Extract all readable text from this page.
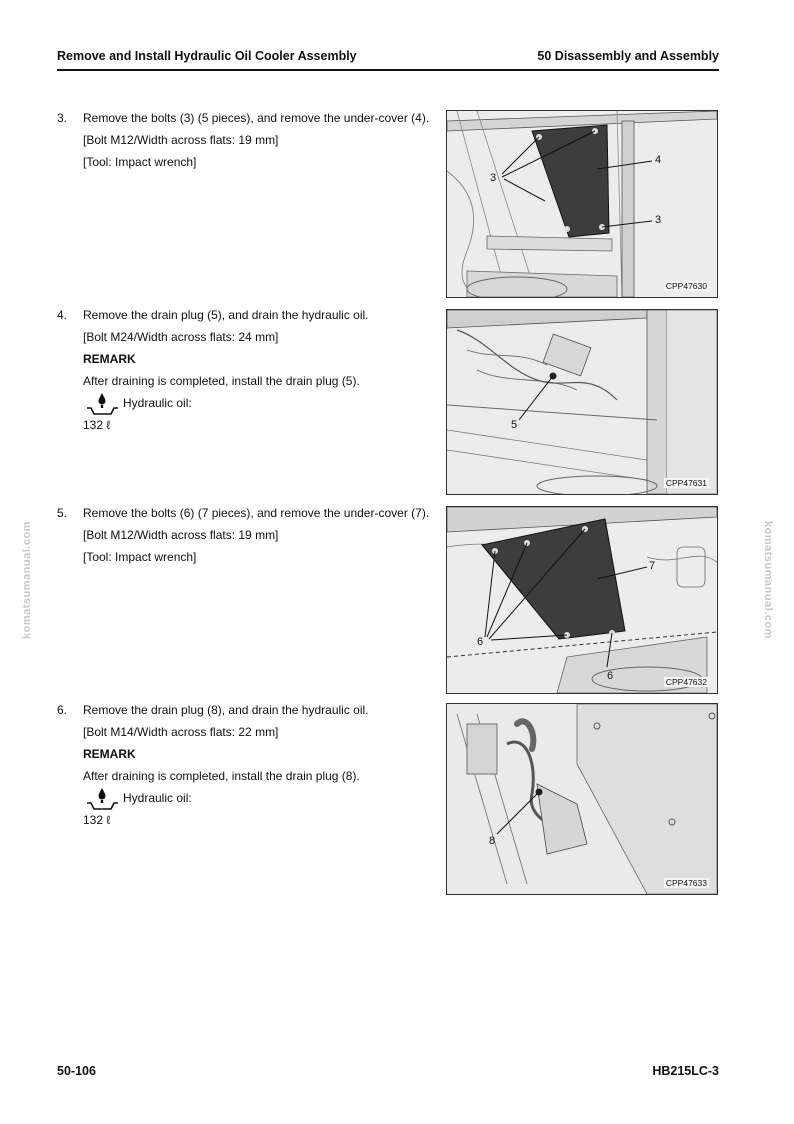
Remove and Install Hydraulic Oil Cooler Assembly	50 Disassembly and Assembly
3. Remove the bolts (3) (5 pieces), and remove the under-cover (4).

[Bolt M12/Width across flats: 19 mm]

[Tool: Impact wrench]

4. Remove the drain plug (5), and drain the hydraulic oil.

[Bolt M24/Width across flats: 24 mm]

REMARK

After draining is completed, install the drain plug (5).

Hydraulic oil:

132 ℓ

5. Remove the bolts (6) (7 pieces), and remove the under-cover (7).

[Bolt M12/Width across flats: 19 mm]

[Tool: Impact wrench]

6. Remove the drain plug (8), and drain the hydraulic oil.

[Bolt M14/Width across flats: 22 mm]

REMARK

After draining is completed, install the drain plug (8).

Hydraulic oil:

132 ℓ

3
4
3
CPP47630
5
CPP47631
6
7
6	CPP47632
8
CPP47633
50-106	HB215LC-3
komatsumanual.com	komatsumanual.com
